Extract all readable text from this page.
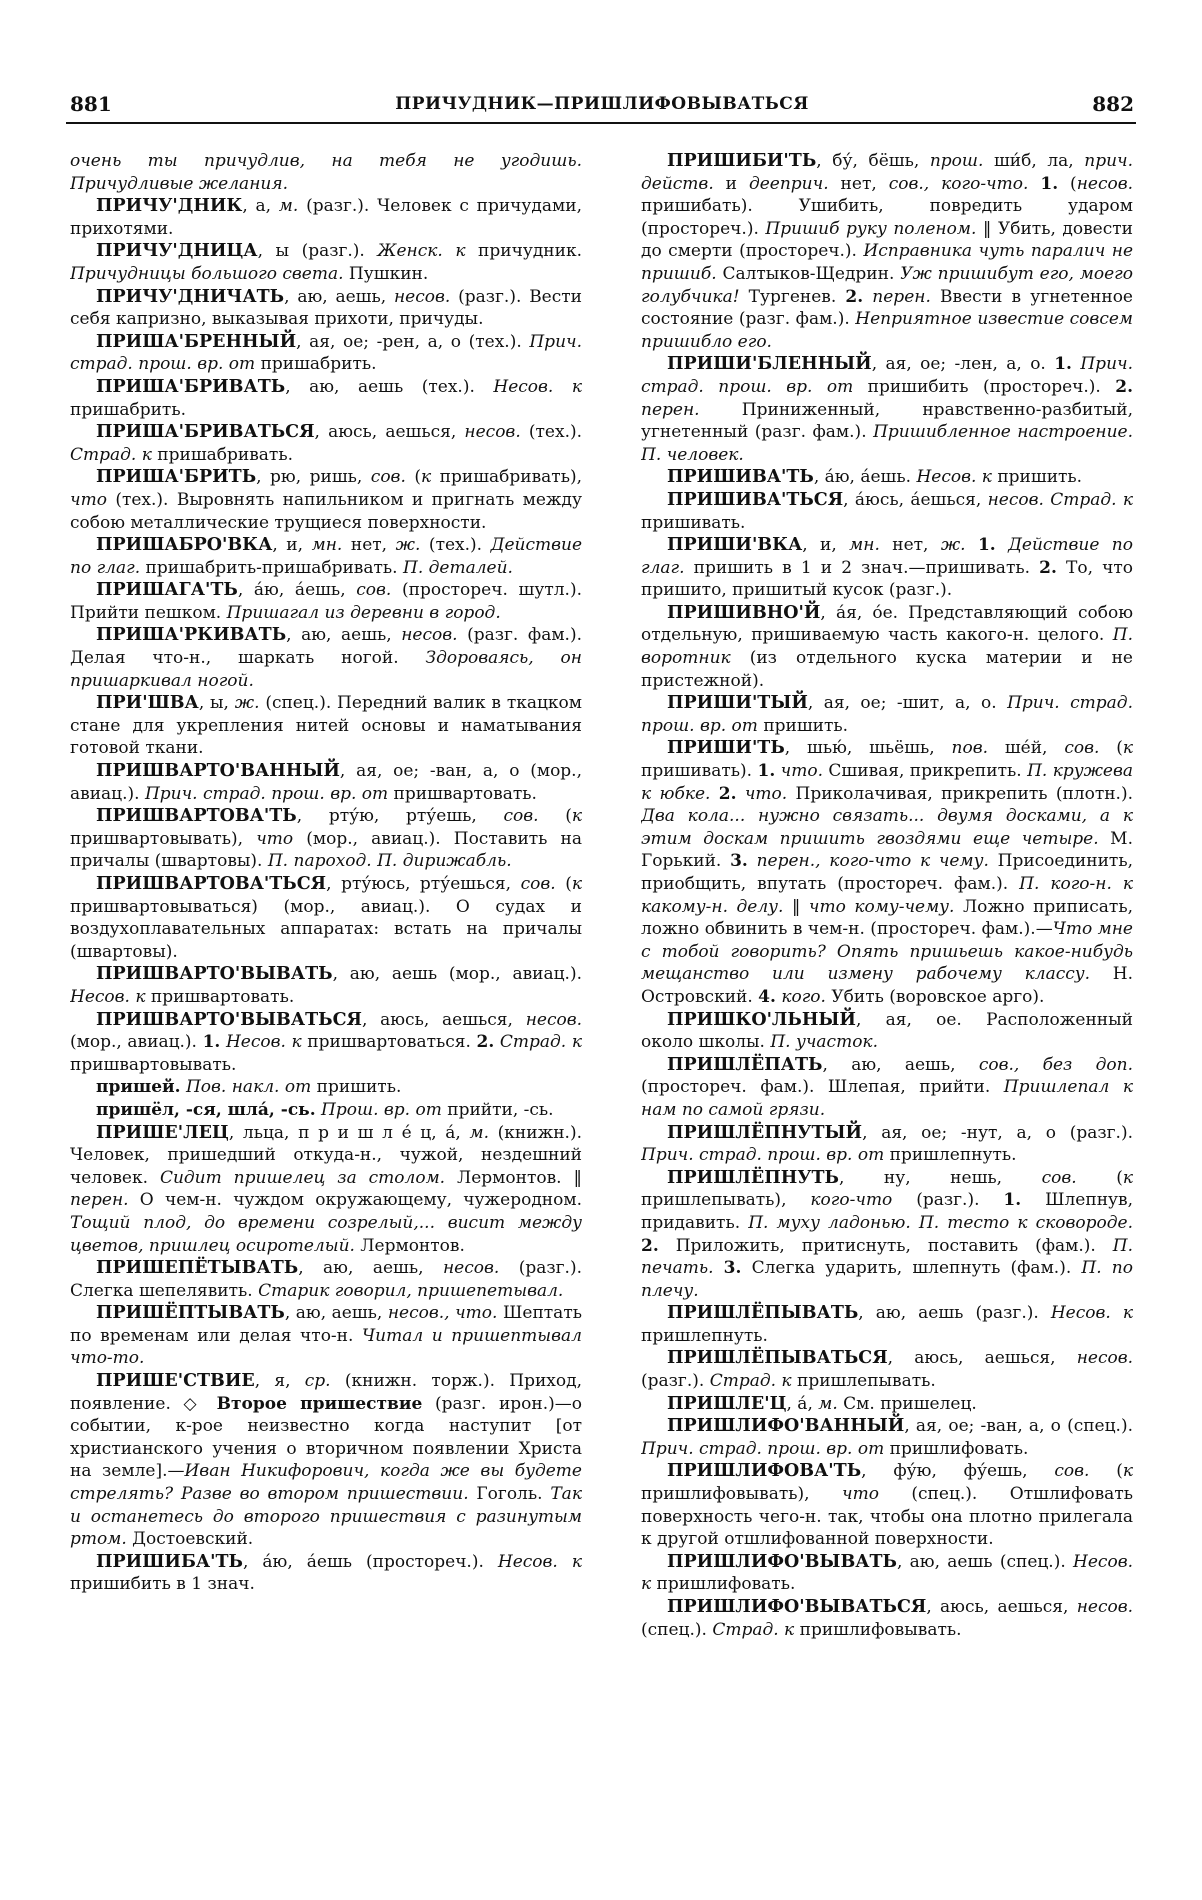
881	ПРИЧУДНИК—ПРИШЛИФОВЫВАТЬСЯ	882

очень ты причудлив, на тебя не угодишь. Причудливые желания.

ПРИЧУ'ДНИК, а, м. (разг.). Человек с причудами, прихотями.

ПРИЧУ'ДНИЦА, ы (разг.). Женск. к причудник. Причудницы большого света. Пушкин.

ПРИЧУ'ДНИЧАТЬ, аю, аешь, несов. (разг.). Вести себя капризно, выказывая прихоти, причуды.

ПРИША'БРЕННЫЙ, ая, ое; -рен, а, о (тех.). Прич. страд. прош. вр. от пришабрить.

ПРИША'БРИВАТЬ, аю, аешь (тех.). Несов. к пришабрить.

ПРИША'БРИВАТЬСЯ, аюсь, аешься, несов. (тех.). Страд. к пришабривать.

ПРИША'БРИТЬ, рю, ришь, сов. (к пришабривать), что (тех.). Выровнять напильником и пригнать между собою металлические трущиеся поверхности.

ПРИШАБРО'ВКА, и, мн. нет, ж. (тех.). Действие по глаг. пришабрить-пришабривать. П. деталей.

ПРИШАГА'ТЬ, а́ю, а́ешь, сов. (простореч. шутл.). Прийти пешком. Пришагал из деревни в город.

ПРИША'РКИВАТЬ, аю, аешь, несов. (разг. фам.). Делая что-н., шаркать ногой. Здороваясь, он пришаркивал ногой.

ПРИ'ШВА, ы, ж. (спец.). Передний валик в ткацком стане для укрепления нитей основы и наматывания готовой ткани.

ПРИШВАРТО'ВАННЫЙ, ая, ое; -ван, а, о (мор., авиац.). Прич. страд. прош. вр. от пришвартовать.

ПРИШВАРТОВА'ТЬ, рту́ю, рту́ешь, сов. (к пришвартовывать), что (мор., авиац.). Поставить на причалы (швартовы). П. пароход. П. дирижабль.

ПРИШВАРТОВА'ТЬСЯ, рту́юсь, рту́ешься, сов. (к пришвартовываться) (мор., авиац.). О судах и воздухоплавательных аппаратах: встать на причалы (швартовы).

ПРИШВАРТО'ВЫВАТЬ, аю, аешь (мор., авиац.). Несов. к пришвартовать.

ПРИШВАРТО'ВЫВАТЬСЯ, аюсь, аешься, несов. (мор., авиац.). 1. Несов. к пришвартоваться. 2. Страд. к пришвартовывать.

пришей. Пов. накл. от пришить.

пришёл, -ся, шла́, -сь. Прош. вр. от прийти, -сь.

ПРИШЕ'ЛЕЦ, льца, п р и ш л е́ ц, а́, м. (книжн.). Человек, пришедший откуда-н., чужой, нездешний человек. Сидит пришелец за столом. Лермонтов. ‖ перен. О чем-н. чуждом окружающему, чужеродном. Тощий плод, до времени созрелый,... висит между цветов, пришлец осиротелый. Лермонтов.

ПРИШЕПЁТЫВАТЬ, аю, аешь, несов. (разг.). Слегка шепелявить. Старик говорил, пришепетывал.

ПРИШЁПТЫВАТЬ, аю, аешь, несов., что. Шептать по временам или делая что-н. Читал и пришептывал что-то.

ПРИШЕ'СТВИЕ, я, ср. (книжн. торж.). Приход, появление. ◇ Второе пришествие (разг. ирон.)—о событии, к-рое неизвестно когда наступит [от христианского учения о вторичном появлении Христа на земле].—Иван Никифорович, когда же вы будете стрелять? Разве во втором пришествии. Гоголь. Так и останетесь до второго пришествия с разинутым ртом. Достоевский.

ПРИШИБА'ТЬ, а́ю, а́ешь (простореч.). Несов. к пришибить в 1 знач.

ПРИШИБИ'ТЬ, бу́, бёшь, прош. ши́б, ла, прич. действ. и дееприч. нет, сов., кого-что. 1. (несов. пришибать). Ушибить, повредить ударом (простореч.). Пришиб руку поленом. ‖ Убить, довести до смерти (простореч.). Исправника чуть паралич не пришиб. Салтыков-Щедрин. Уж пришибут его, моего голубчика! Тургенев. 2. перен. Ввести в угнетенное состояние (разг. фам.). Неприятное известие совсем пришибло его.

ПРИШИ'БЛЕННЫЙ, ая, ое; -лен, а, о. 1. Прич. страд. прош. вр. от пришибить (простореч.). 2. перен. Приниженный, нравственно-разбитый, угнетенный (разг. фам.). Пришибленное настроение. П. человек.

ПРИШИВА'ТЬ, а́ю, а́ешь. Несов. к пришить.

ПРИШИВА'ТЬСЯ, а́юсь, а́ешься, несов. Страд. к пришивать.

ПРИШИ'ВКА, и, мн. нет, ж. 1. Действие по глаг. пришить в 1 и 2 знач.—пришивать. 2. То, что пришито, пришитый кусок (разг.).

ПРИШИВНО'Й, а́я, о́е. Представляющий собою отдельную, пришиваемую часть какого-н. целого. П. воротник (из отдельного куска материи и не пристежной).

ПРИШИ'ТЫЙ, ая, ое; -шит, а, о. Прич. страд. прош. вр. от пришить.

ПРИШИ'ТЬ, шью́, шьёшь, пов. ше́й, сов. (к пришивать). 1. что. Сшивая, прикрепить. П. кружева к юбке. 2. что. Приколачивая, прикрепить (плотн.). Два кола... нужно связать... двумя досками, а к этим доскам пришить гвоздями еще четыре. М. Горький. 3. перен., кого-что к чему. Присоединить, приобщить, впутать (простореч. фам.). П. кого-н. к какому-н. делу. ‖ что кому-чему. Ложно приписать, ложно обвинить в чем-н. (простореч. фам.).—Что мне с тобой говорить? Опять пришьешь какое-нибудь мещанство или измену рабочему классу. Н. Островский. 4. кого. Убить (воровское арго).

ПРИШКО'ЛЬНЫЙ, ая, ое. Расположенный около школы. П. участок.

ПРИШЛЁПАТЬ, аю, аешь, сов., без доп. (простореч. фам.). Шлепая, прийти. Пришлепал к нам по самой грязи.

ПРИШЛЁПНУТЫЙ, ая, ое; -нут, а, о (разг.). Прич. страд. прош. вр. от пришлепнуть.

ПРИШЛЁПНУТЬ, ну, нешь, сов. (к пришлепывать), кого-что (разг.). 1. Шлепнув, придавить. П. муху ладонью. П. тесто к сковороде. 2. Приложить, притиснуть, поставить (фам.). П. печать. 3. Слегка ударить, шлепнуть (фам.). П. по плечу.

ПРИШЛЁПЫВАТЬ, аю, аешь (разг.). Несов. к пришлепнуть.

ПРИШЛЁПЫВАТЬСЯ, аюсь, аешься, несов. (разг.). Страд. к пришлепывать.

ПРИШЛЕ'Ц, а́, м. См. пришелец.

ПРИШЛИФО'ВАННЫЙ, ая, ое; -ван, а, о (спец.). Прич. страд. прош. вр. от пришлифовать.

ПРИШЛИФОВА'ТЬ, фу́ю, фу́ешь, сов. (к пришлифовывать), что (спец.). Отшлифовать поверхность чего-н. так, чтобы она плотно прилегала к другой отшлифованной поверхности.

ПРИШЛИФО'ВЫВАТЬ, аю, аешь (спец.). Несов. к пришлифовать.

ПРИШЛИФО'ВЫВАТЬСЯ, аюсь, аешься, несов. (спец.). Страд. к пришлифовывать.
